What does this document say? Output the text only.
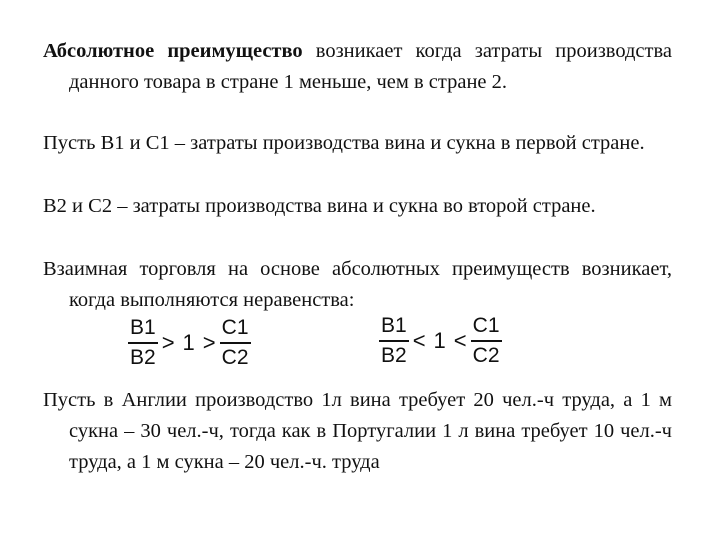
Абсолютное преимущество возникает когда затраты производства данного товара в стране 1 меньше, чем в стране 2.

Пусть В1 и С1 – затраты производства вина и сукна в первой стране.

В2 и С2 – затраты производства вина и сукна во второй стране.

Взаимная торговля на основе абсолютных преимуществ возникает, когда выполняются неравенства:

$\frac{B1}{B2} > 1 > \frac{C1}{C2}$	$\frac{B1}{B2} < 1 < \frac{C1}{C2}$

Пусть в Англии производство 1л вина требует 20 чел.-ч труда, а 1 м сукна – 30 чел.-ч, тогда как в Португалии 1 л вина требует 10 чел.-ч труда, а 1 м сукна – 20 чел.-ч. труда
